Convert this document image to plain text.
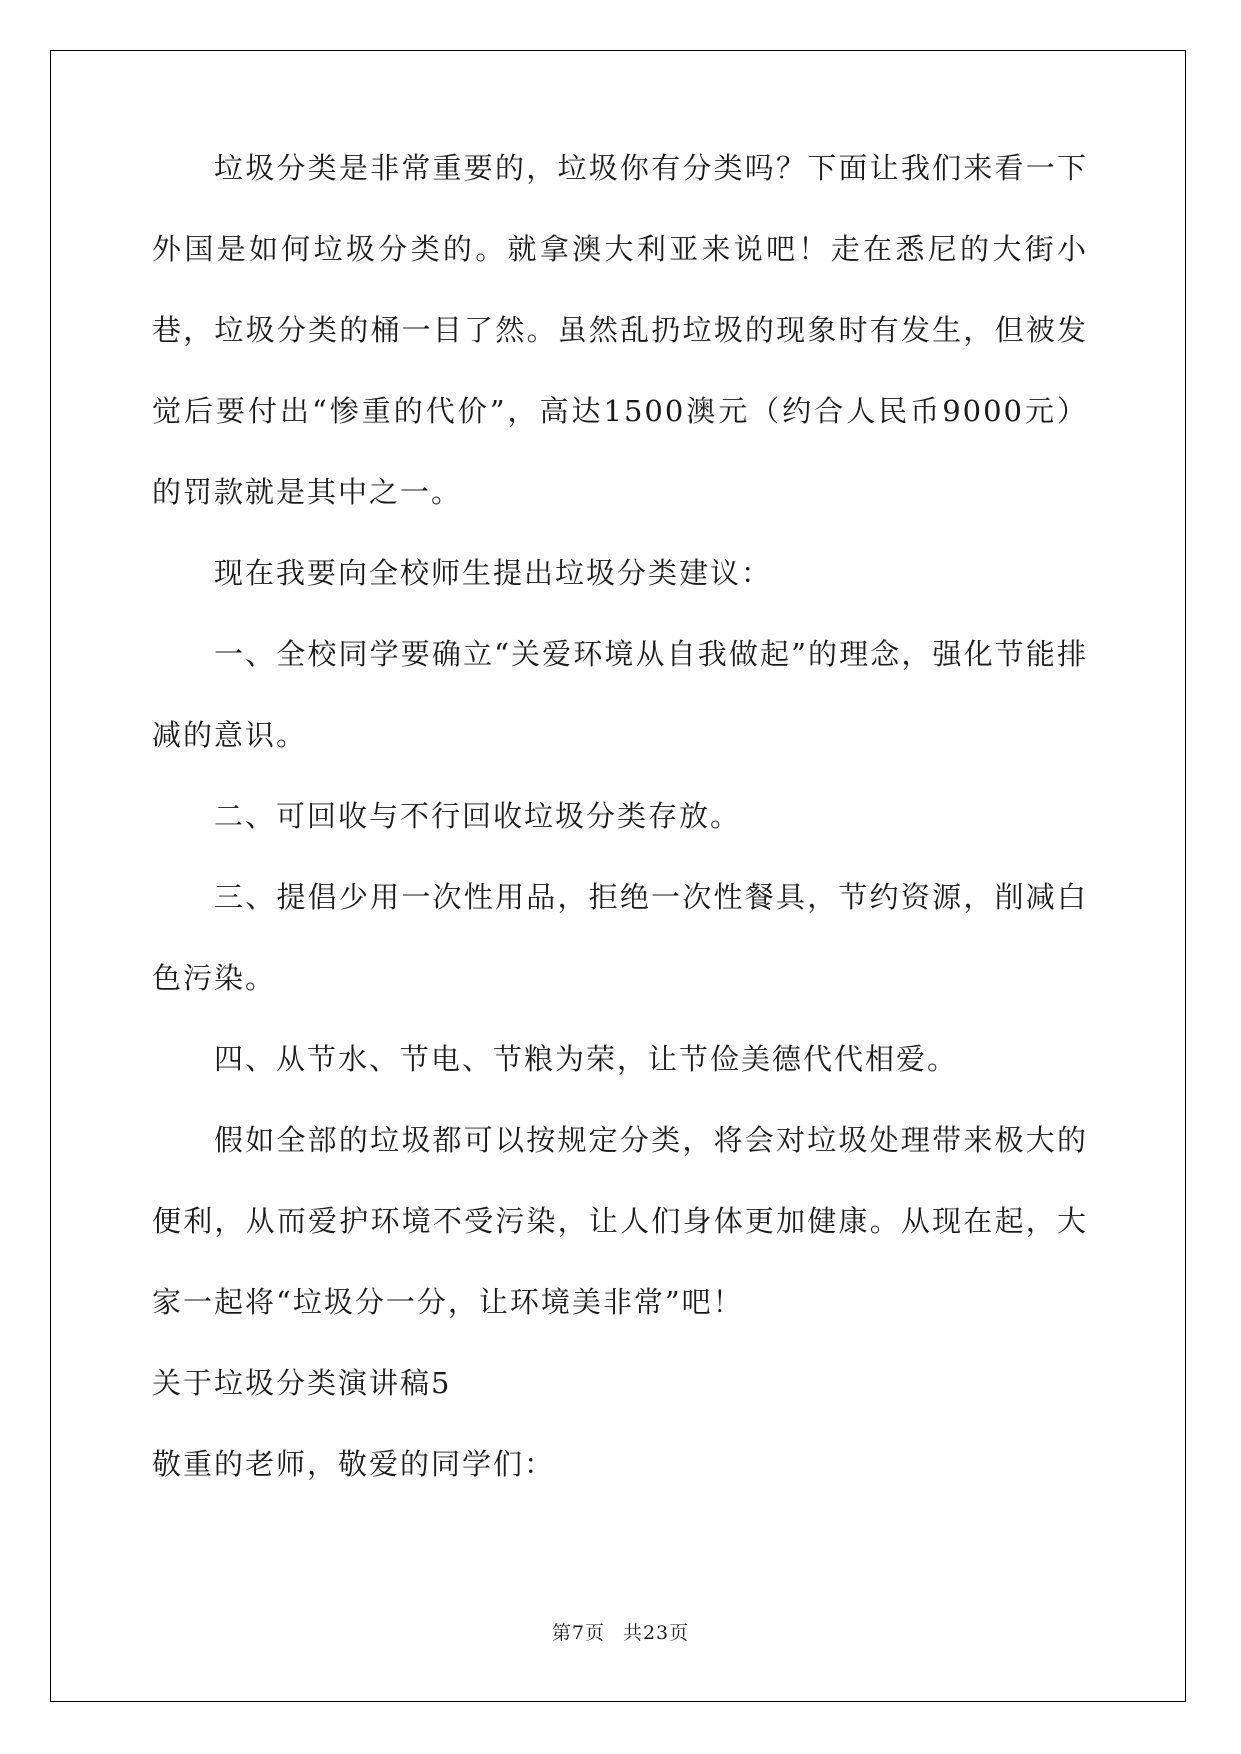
垃圾分类是非常重要的，垃圾你有分类吗？下面让我们来看一下外国是如何垃圾分类的。就拿澳大利亚来说吧！走在悉尼的大街小巷，垃圾分类的桶一目了然。虽然乱扔垃圾的现象时有发生，但被发觉后要付出“惨重的代价”，高达1500澳元（约合人民币9000元）的罚款就是其中之一。

现在我要向全校师生提出垃圾分类建议：

一、全校同学要确立“关爱环境从自我做起”的理念，强化节能排减的意识。

二、可回收与不行回收垃圾分类存放。

三、提倡少用一次性用品，拒绝一次性餐具，节约资源，削减白色污染。

四、从节水、节电、节粮为荣，让节俭美德代代相爱。

假如全部的垃圾都可以按规定分类，将会对垃圾处理带来极大的便利，从而爱护环境不受污染，让人们身体更加健康。从现在起，大家一起将“垃圾分一分，让环境美非常”吧！

关于垃圾分类演讲稿5

敬重的老师，敬爱的同学们：

第7页 共23页
